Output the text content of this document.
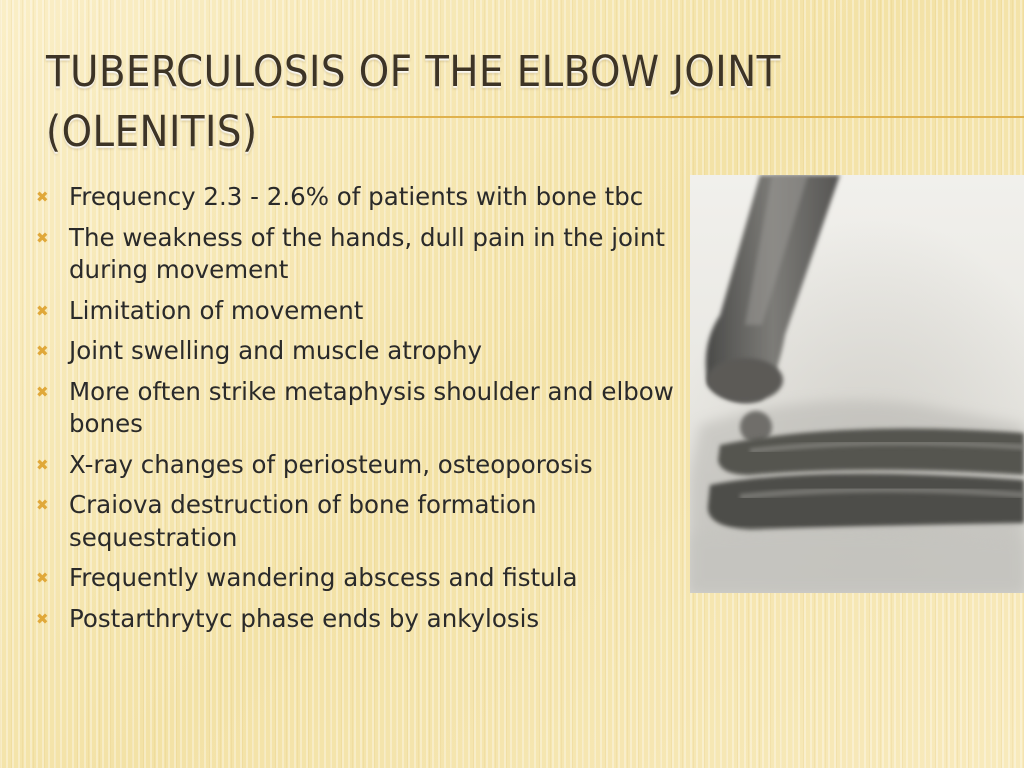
TUBERCULOSIS OF THE ELBOW JOINT (OLENITIS)
✖ Frequency 2.3 - 2.6% of patients with bone tbc
✖ The weakness of the hands, dull pain in the joint during movement
✖ Limitation of movement
✖ Joint swelling and muscle atrophy
✖ More often strike metaphysis shoulder and elbow bones
✖ X-ray changes of periosteum, osteoporosis
✖ Craiova destruction of bone formation sequestration
✖ Frequently wandering abscess and fistula
✖ Postarthrytyc phase ends by ankylosis
